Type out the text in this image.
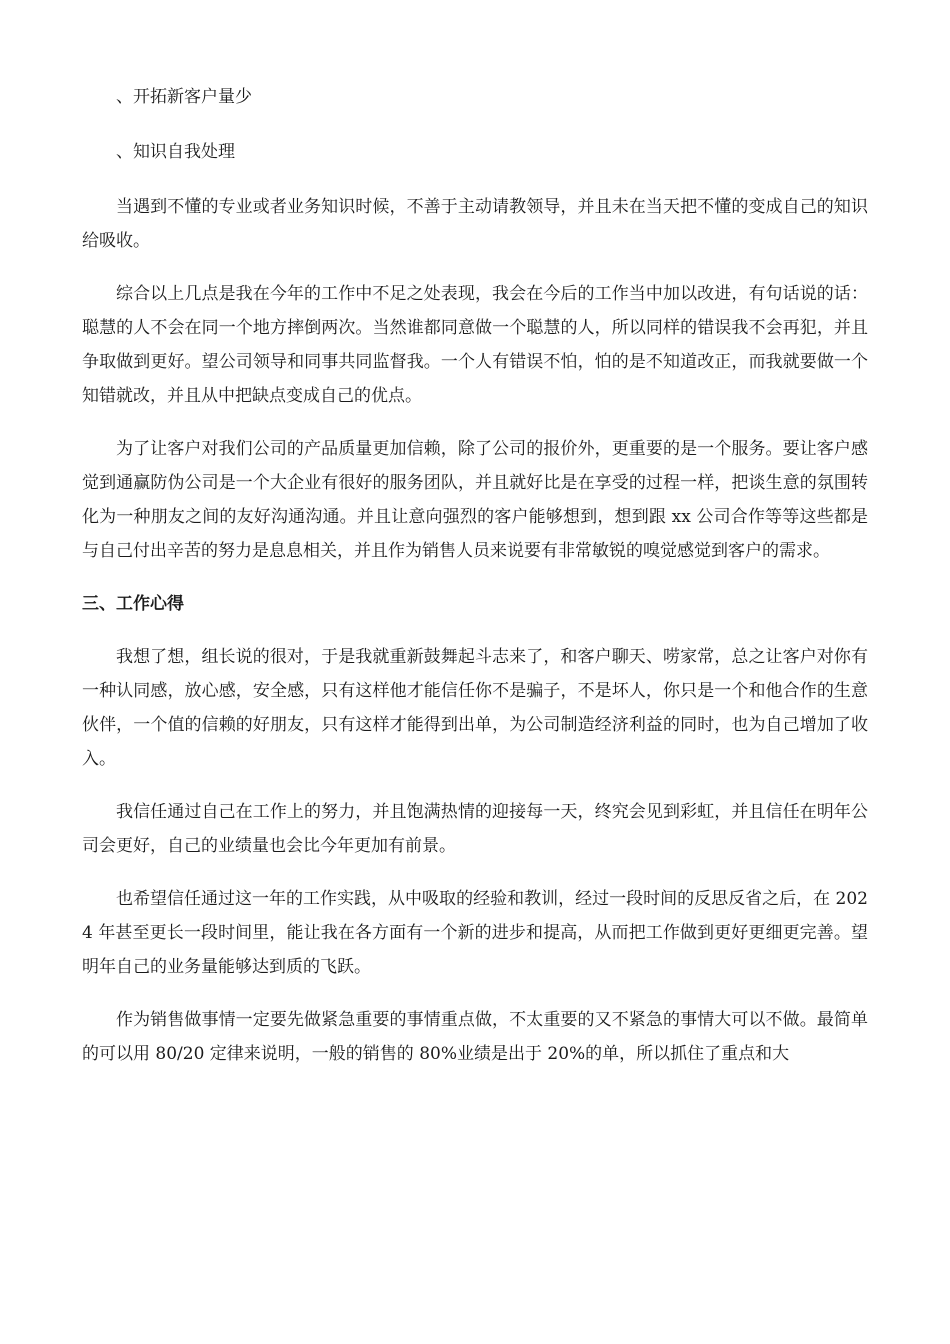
、开拓新客户量少

、知识自我处理

当遇到不懂的专业或者业务知识时候，不善于主动请教领导，并且未在当天把不懂的变成自己的知识给吸收。

综合以上几点是我在今年的工作中不足之处表现，我会在今后的工作当中加以改进，有句话说的话：聪慧的人不会在同一个地方摔倒两次。当然谁都同意做一个聪慧的人，所以同样的错误我不会再犯，并且争取做到更好。望公司领导和同事共同监督我。一个人有错误不怕，怕的是不知道改正，而我就要做一个知错就改，并且从中把缺点变成自己的优点。

为了让客户对我们公司的产品质量更加信赖，除了公司的报价外，更重要的是一个服务。要让客户感觉到通赢防伪公司是一个大企业有很好的服务团队，并且就好比是在享受的过程一样，把谈生意的氛围转化为一种朋友之间的友好沟通沟通。并且让意向强烈的客户能够想到，想到跟 xx 公司合作等等这些都是与自己付出辛苦的努力是息息相关，并且作为销售人员来说要有非常敏锐的嗅觉感觉到客户的需求。

三、工作心得

我想了想，组长说的很对，于是我就重新鼓舞起斗志来了，和客户聊天、唠家常，总之让客户对你有一种认同感，放心感，安全感，只有这样他才能信任你不是骗子，不是坏人，你只是一个和他合作的生意伙伴，一个值的信赖的好朋友，只有这样才能得到出单，为公司制造经济利益的同时，也为自己增加了收入。

我信任通过自己在工作上的努力，并且饱满热情的迎接每一天，终究会见到彩虹，并且信任在明年公司会更好，自己的业绩量也会比今年更加有前景。

也希望信任通过这一年的工作实践，从中吸取的经验和教训，经过一段时间的反思反省之后，在 2024 年甚至更长一段时间里，能让我在各方面有一个新的进步和提高，从而把工作做到更好更细更完善。望明年自己的业务量能够达到质的飞跃。

作为销售做事情一定要先做紧急重要的事情重点做，不太重要的又不紧急的事情大可以不做。最简单的可以用 80/20 定律来说明，一般的销售的 80%业绩是出于 20%的单，所以抓住了重点和大
